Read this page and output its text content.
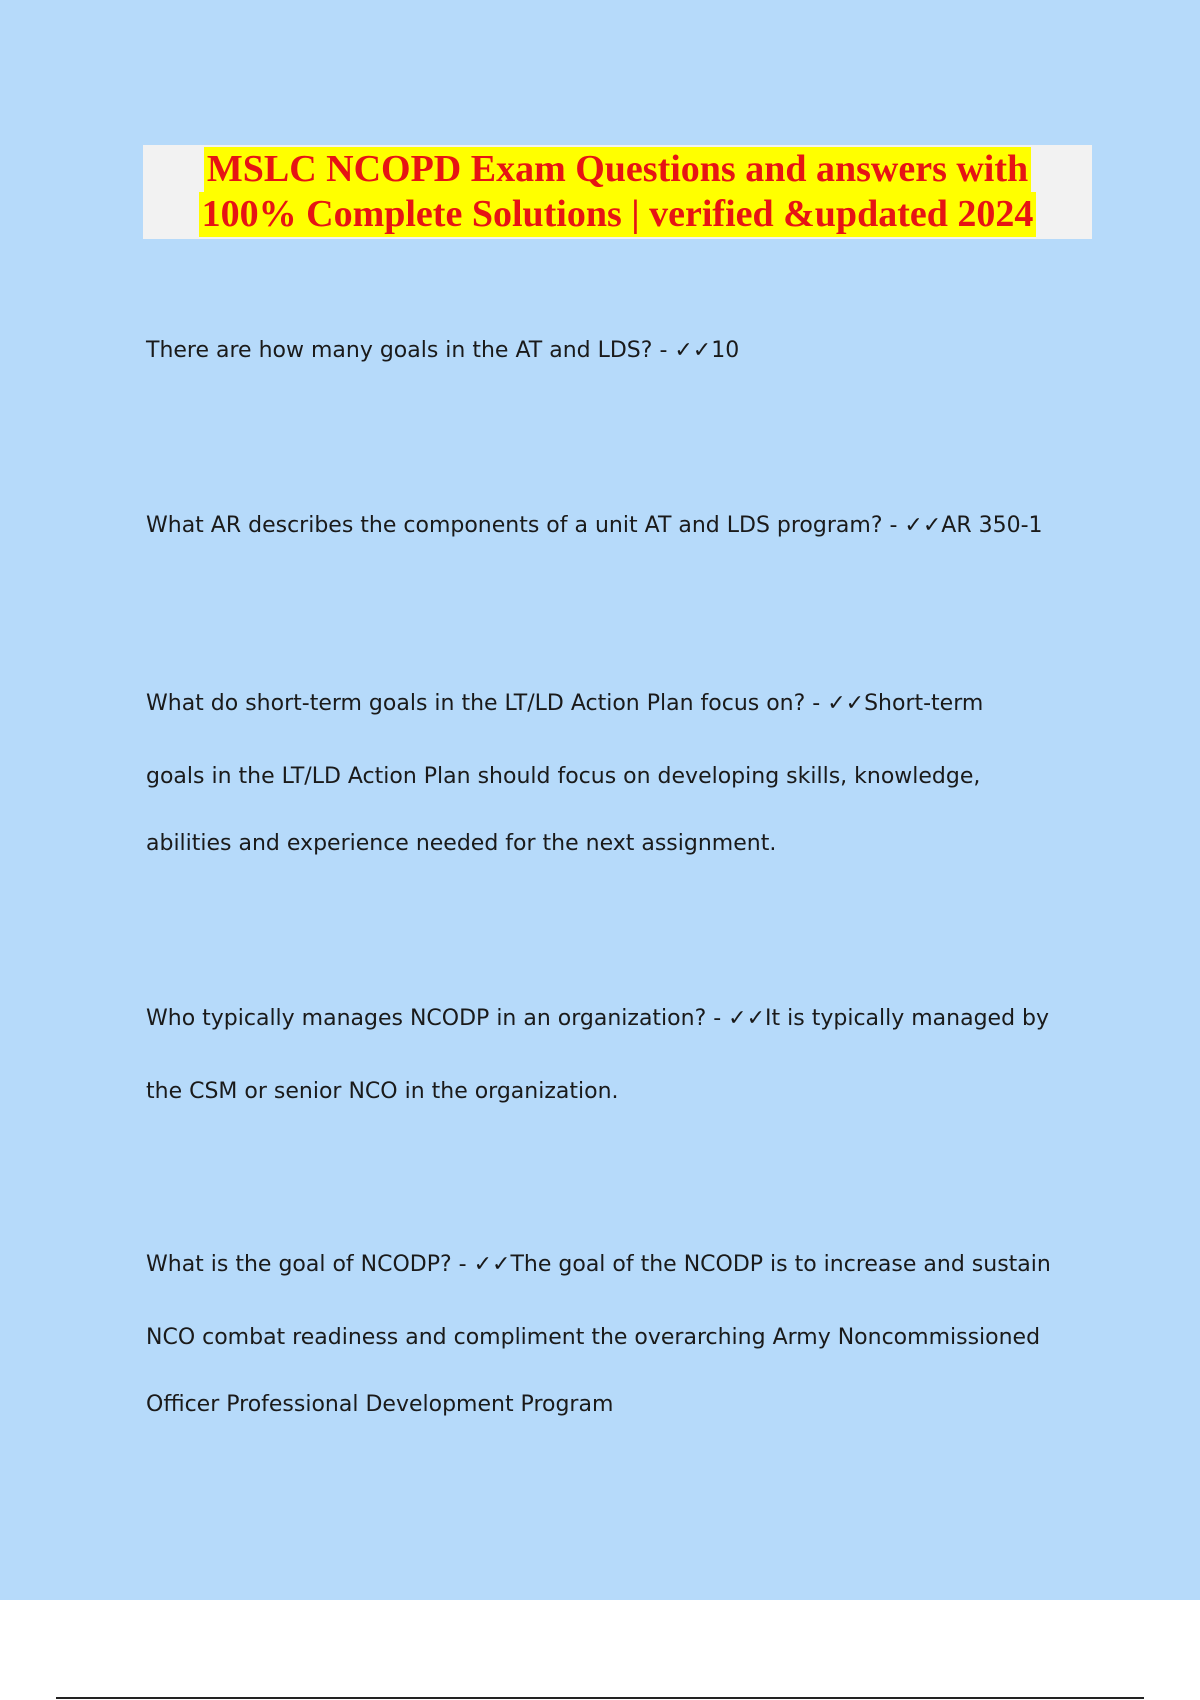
MSLC NCOPD Exam Questions and answers with
100% Complete Solutions | verified &updated 2024
There are how many goals in the AT and LDS? - ✓✓10
What AR describes the components of a unit AT and LDS program? - ✓✓AR 350-1
What do short-term goals in the LT/LD Action Plan focus on? - ✓✓Short-term
goals in the LT/LD Action Plan should focus on developing skills, knowledge,
abilities and experience needed for the next assignment.
Who typically manages NCODP in an organization? - ✓✓It is typically managed by
the CSM or senior NCO in the organization.
What is the goal of NCODP? - ✓✓The goal of the NCODP is to increase and sustain
NCO combat readiness and compliment the overarching Army Noncommissioned
Officer Professional Development Program
